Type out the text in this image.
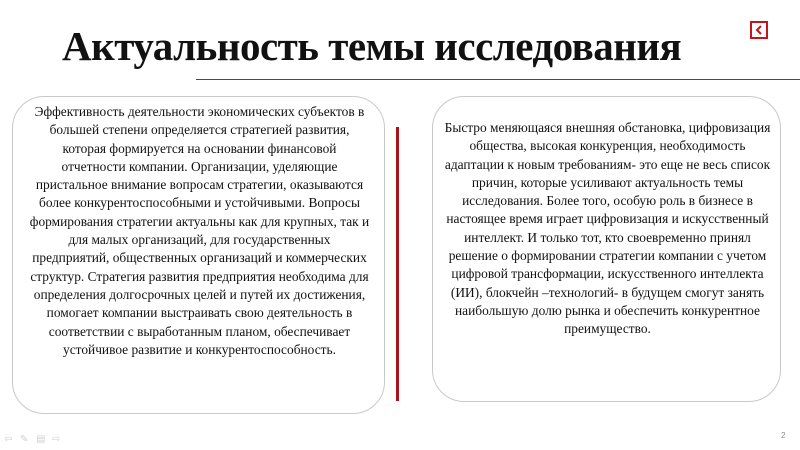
Актуальность темы исследования

Эффективность деятельности экономических субъектов в большей степени определяется стратегией развития, которая формируется на основании финансовой отчетности компании. Организации, уделяющие пристальное внимание вопросам стратегии, оказываются более конкурентоспособными и устойчивыми. Вопросы формирования стратегии актуальны как для крупных, так и для малых организаций, для государственных предприятий, общественных организаций и коммерческих структур. Стратегия развития предприятия необходима для определения долгосрочных целей и путей их достижения, помогает компании выстраивать свою деятельность в соответствии с выработанным планом, обеспечивает устойчивое развитие и конкурентоспособность.

Быстро меняющаяся внешняя обстановка, цифровизация общества, высокая конкуренция, необходимость адаптации к новым требованиям- это еще не весь список причин, которые усиливают актуальность темы исследования. Более того, особую роль в бизнесе в настоящее время играет цифровизация и искусственный интеллект. И только тот, кто своевременно принял решение о формировании стратегии компании с учетом цифровой трансформации, искусственного интеллекта (ИИ), блокчейн –технологий- в будущем смогут занять наибольшую долю рынка и обеспечить конкурентное преимущество.

⇦ ✎ ▤ ⇨	2
